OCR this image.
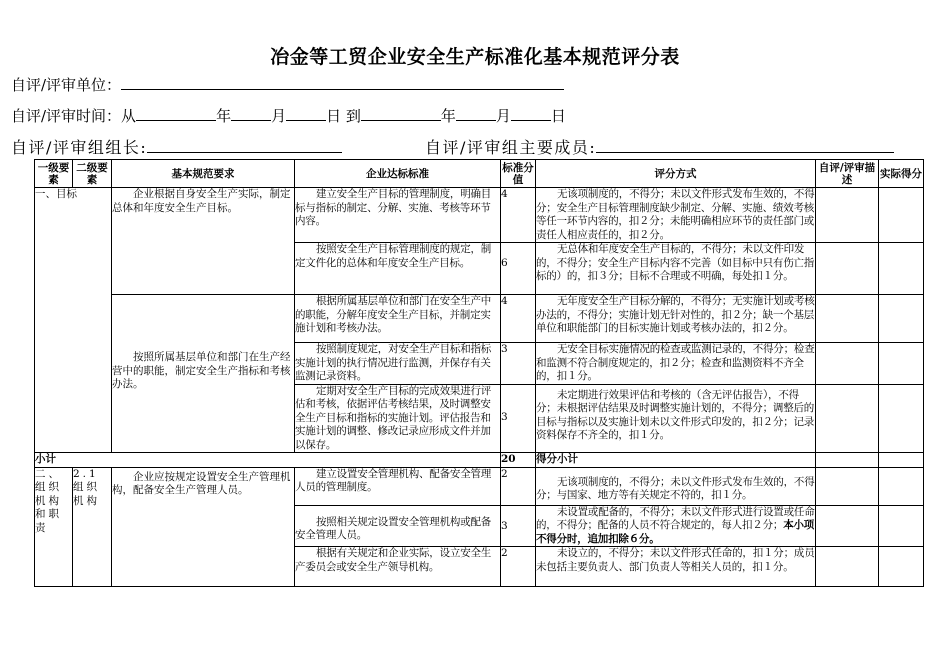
冶金等工贸企业安全生产标准化基本规范评分表
自评/评审单位：
自评/评审时间：从	年	月	日 到	年	月	日
自评/评审组组长:	自评/评审组主要成员:
一级要素	二级要素	基本规范要求	企业达标标准	标准分值	评分方式	自评/评审描　述	实际得分
一、目标		企业根据自身安全生产实际，制定总体和年度安全生产目标。	建立安全生产目标的管理制度，明确目标与指标的制定、分解、实施、考核等环节内容。	4	无该项制度的，不得分；未以文件形式发布生效的，不得分；安全生产目标管理制度缺少制定、分解、实施、绩效考核等任一环节内容的，扣２分；未能明确相应环节的责任部门或责任人相应责任的，扣２分。		
			按照安全生产目标管理制度的规定，制定文件化的总体和年度安全生产目标。	6	无总体和年度安全生产目标的，不得分；未以文件印发的，不得分；安全生产目标内容不完善（如目标中只有伤亡指标的）的，扣３分；目标不合理或不明确，每处扣１分。		
		按照所属基层单位和部门在生产经营中的职能，制定安全生产指标和考核办法。	根据所属基层单位和部门在安全生产中的职能，分解年度安全生产目标，并制定实施计划和考核办法。	4	无年度安全生产目标分解的，不得分；无实施计划或考核办法的，不得分；实施计划无针对性的，扣２分；缺一个基层单位和职能部门的目标实施计划或考核办法的，扣２分。		
			按照制度规定，对安全生产目标和指标实施计划的执行情况进行监测，并保存有关监测记录资料。	3	无安全目标实施情况的检查或监测记录的，不得分；检查和监测不符合制度规定的，扣２分；检查和监测资料不齐全的，扣１分。		
			定期对安全生产目标的完成效果进行评估和考核，依据评估考核结果，及时调整安全生产目标和指标的实施计划。评估报告和实施计划的调整、修改记录应形成文件并加以保存。	3	未定期进行效果评估和考核的（含无评估报告），不得分；未根据评估结果及时调整实施计划的，不得分；调整后的目标与指标以及实施计划未以文件形式印发的，扣２分；记录资料保存不齐全的，扣１分。		
小计				20	得分小计		
二、组织机构和职责	2.1 组织机构	企业应按规定设置安全生产管理机构，配备安全生产管理人员。	建立设置安全管理机构、配备安全管理人员的管理制度。	2	无该项制度的，不得分；未以文件形式发布生效的，不得分；与国家、地方等有关规定不符的，扣１分。		
			按照相关规定设置安全管理机构或配备安全管理人员。	3	未设置或配备的，不得分；未以文件形式进行设置或任命的，不得分；配备的人员不符合规定的，每人扣２分；本小项不得分时，追加扣除６分。		
			根据有关规定和企业实际，设立安全生产委员会或安全生产领导机构。	2	未设立的，不得分；未以文件形式任命的，扣１分；成员未包括主要负责人、部门负责人等相关人员的，扣１分。		
